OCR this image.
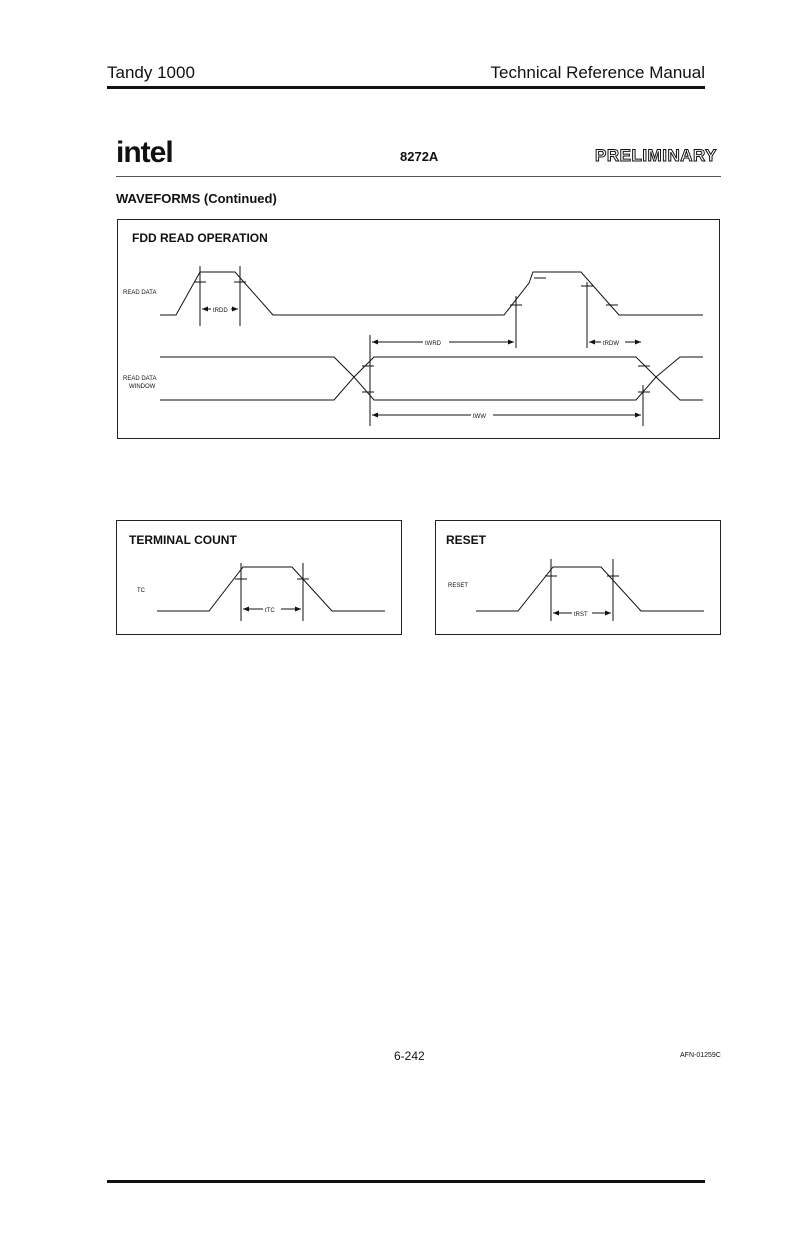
Tandy 1000	Technical Reference Manual
intel	8272A	PRELIMINARY
WAVEFORMS (Continued)
FDD READ OPERATION
tRDD
tWRD	tRDW
tWW
READ DATA
READ DATA
WINDOW
TERMINAL COUNT
tTC
TC
RESET
tRST
RESET
6-242	AFN-01259C
